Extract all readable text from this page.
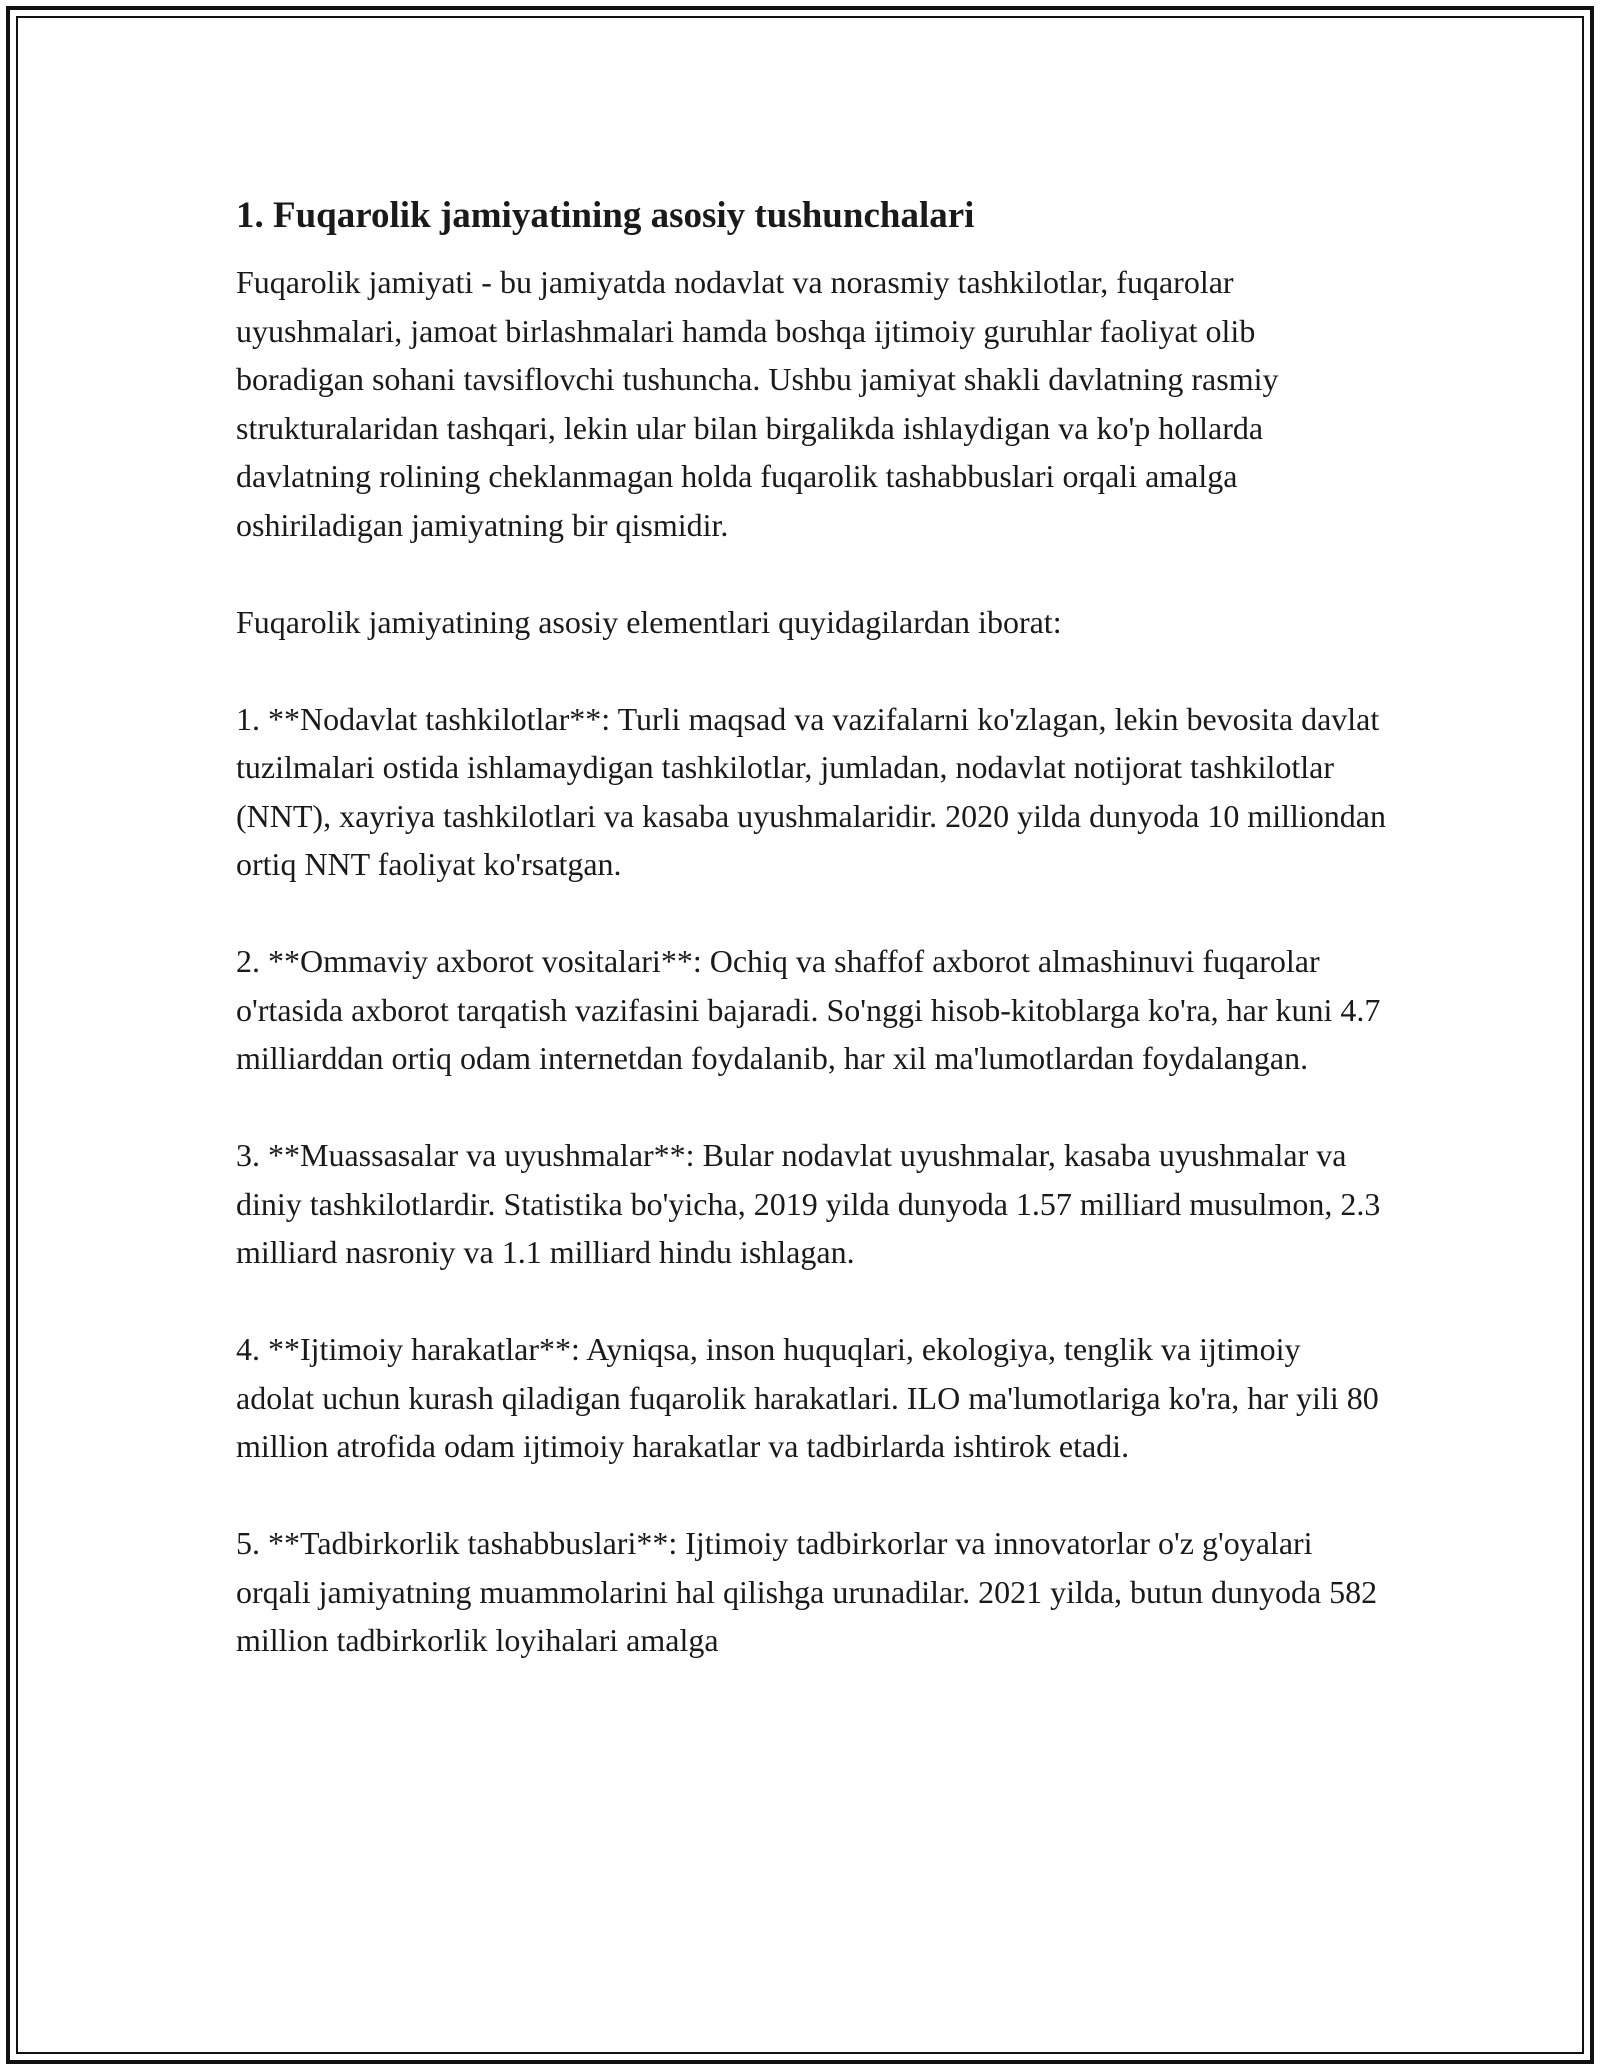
1. Fuqarolik jamiyatining asosiy tushunchalari

Fuqarolik jamiyati - bu jamiyatda nodavlat va norasmiy tashkilotlar, fuqarolar uyushmalari, jamoat birlashmalari hamda boshqa ijtimoiy guruhlar faoliyat olib boradigan sohani tavsiflovchi tushuncha. Ushbu jamiyat shakli davlatning rasmiy strukturalaridan tashqari, lekin ular bilan birgalikda ishlaydigan va ko'p hollarda davlatning rolining cheklanmagan holda fuqarolik tashabbuslari orqali amalga oshiriladigan jamiyatning bir qismidir.

Fuqarolik jamiyatining asosiy elementlari quyidagilardan iborat:

1. **Nodavlat tashkilotlar**: Turli maqsad va vazifalarni ko'zlagan, lekin bevosita davlat tuzilmalari ostida ishlamaydigan tashkilotlar, jumladan, nodavlat notijorat tashkilotlar (NNT), xayriya tashkilotlari va kasaba uyushmalaridir. 2020 yilda dunyoda 10 milliondan ortiq NNT faoliyat ko'rsatgan.

2. **Ommaviy axborot vositalari**: Ochiq va shaffof axborot almashinuvi fuqarolar o'rtasida axborot tarqatish vazifasini bajaradi. So'nggi hisob-kitoblarga ko'ra, har kuni 4.7 milliarddan ortiq odam internetdan foydalanib, har xil ma'lumotlardan foydalangan.

3. **Muassasalar va uyushmalar**: Bular nodavlat uyushmalar, kasaba uyushmalar va diniy tashkilotlardir. Statistika bo'yicha, 2019 yilda dunyoda 1.57 milliard musulmon, 2.3 milliard nasroniy va 1.1 milliard hindu ishlagan.

4. **Ijtimoiy harakatlar**: Ayniqsa, inson huquqlari, ekologiya, tenglik va ijtimoiy adolat uchun kurash qiladigan fuqarolik harakatlari. ILO ma'lumotlariga ko'ra, har yili 80 million atrofida odam ijtimoiy harakatlar va tadbirlarda ishtirok etadi.

5. **Tadbirkorlik tashabbuslari**: Ijtimoiy tadbirkorlar va innovatorlar o'z g'oyalari orqali jamiyatning muammolarini hal qilishga urunadilar. 2021 yilda, butun dunyoda 582 million tadbirkorlik loyihalari amalga
